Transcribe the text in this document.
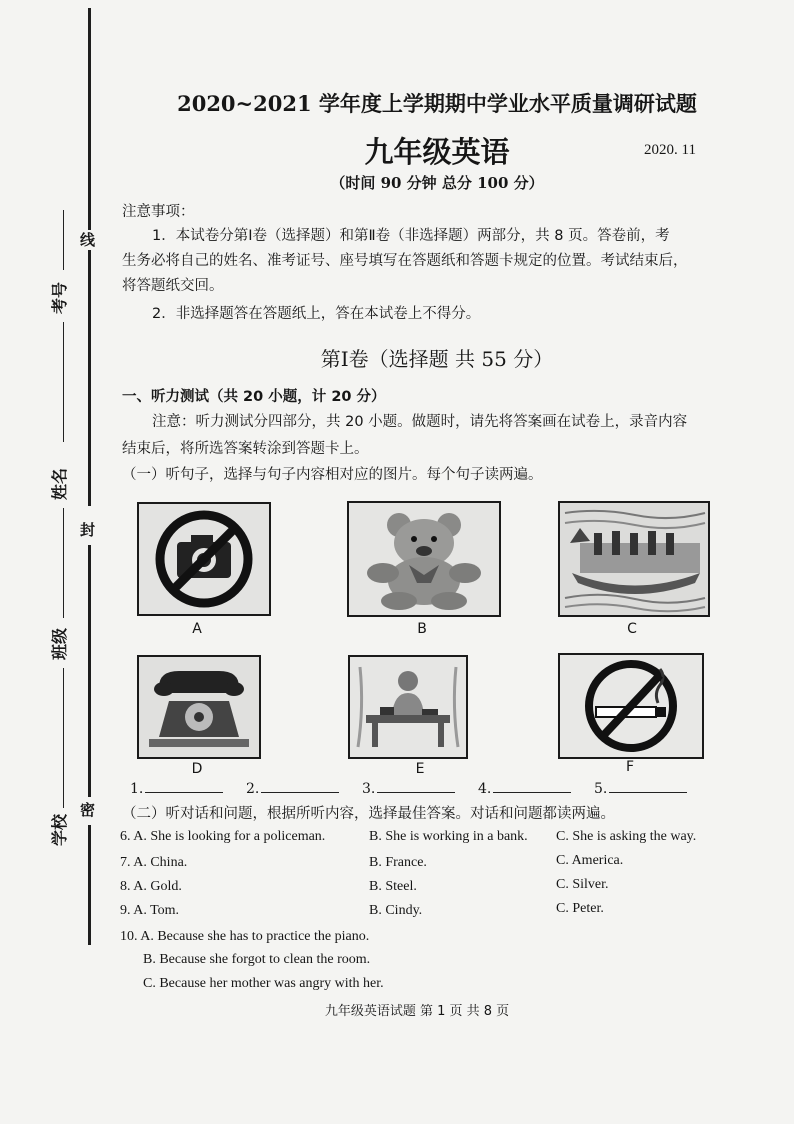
线
封
密
考号
姓名
班级
学校
2020~2021 学年度上学期期中学业水平质量调研试题
九年级英语	2020. 11
（时间 90 分钟 总分 100 分）
注意事项：
1．本试卷分第Ⅰ卷（选择题）和第Ⅱ卷（非选择题）两部分，共 8 页。答卷前，考
生务必将自己的姓名、准考证号、座号填写在答题纸和答题卡规定的位置。考试结束后，
将答题纸交回。
2．非选择题答在答题纸上，答在本试卷上不得分。
第Ⅰ卷（选择题 共 55 分）
一、听力测试（共 20 小题，计 20 分）
注意：听力测试分四部分，共 20 小题。做题时，请先将答案画在试卷上，录音内容
结束后，将所选答案转涂到答题卡上。
（一）听句子，选择与句子内容相对应的图片。每个句子读两遍。
A	B	C
D	E	F
1.	2.	3.	4.	5.
（二）听对话和问题，根据所听内容，选择最佳答案。对话和问题都读两遍。
6. A. She is looking for a policeman.	B. She is working in a bank. C. She is asking the way.
7. A. China.	B. France.	C. America.
8. A. Gold.	B. Steel.	C. Silver.
9. A. Tom.	B. Cindy.	C. Peter.
10. A. Because she has to practice the piano.
B. Because she forgot to clean the room.
C. Because her mother was angry with her.
九年级英语试题 第 1 页 共 8 页
